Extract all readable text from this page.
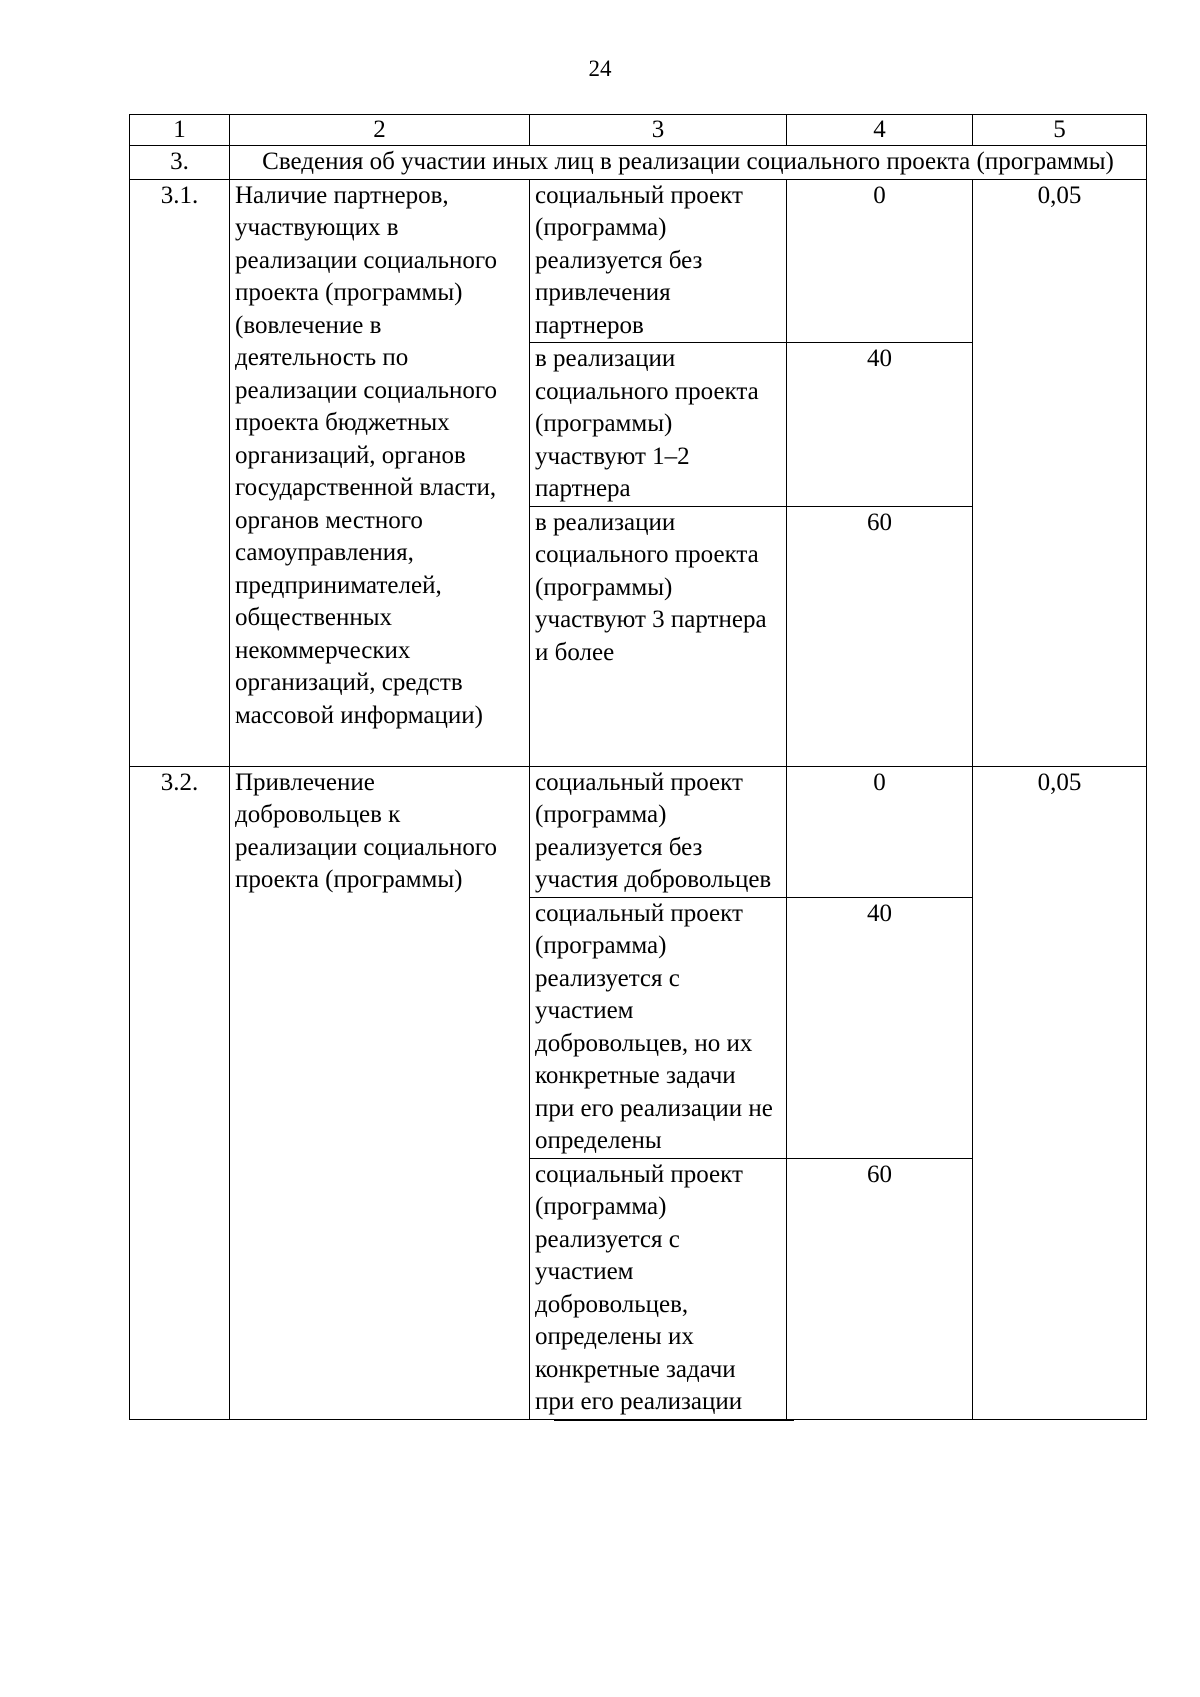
24
1	2	3	4	5
3.	Сведения об участии иных лиц в реализации социального проекта (программы)			
3.1.	Наличие партнеров, участвующих в реализации социального проекта (программы) (вовлечение в деятельность по реализации социального проекта бюджетных организаций, органов государственной власти, органов местного самоуправления, предпринимателей, общественных некоммерческих организаций, средств массовой информации)	социальный проект (программа) реализуется без привлечения партнеров	0	0,05
		в реализации социального проекта (программы) участвуют 1–2 партнера	40	
		в реализации социального проекта (программы) участвуют 3 партнера и более	60	
3.2.	Привлечение добровольцев к реализации социального проекта (программы)	социальный проект (программа) реализуется без участия добровольцев	0	0,05
		социальный проект (программа) реализуется с участием добровольцев, но их конкретные задачи при его реализации не определены	40	
		социальный проект (программа) реализуется с участием добровольцев, определены их конкретные задачи при его реализации	60	
